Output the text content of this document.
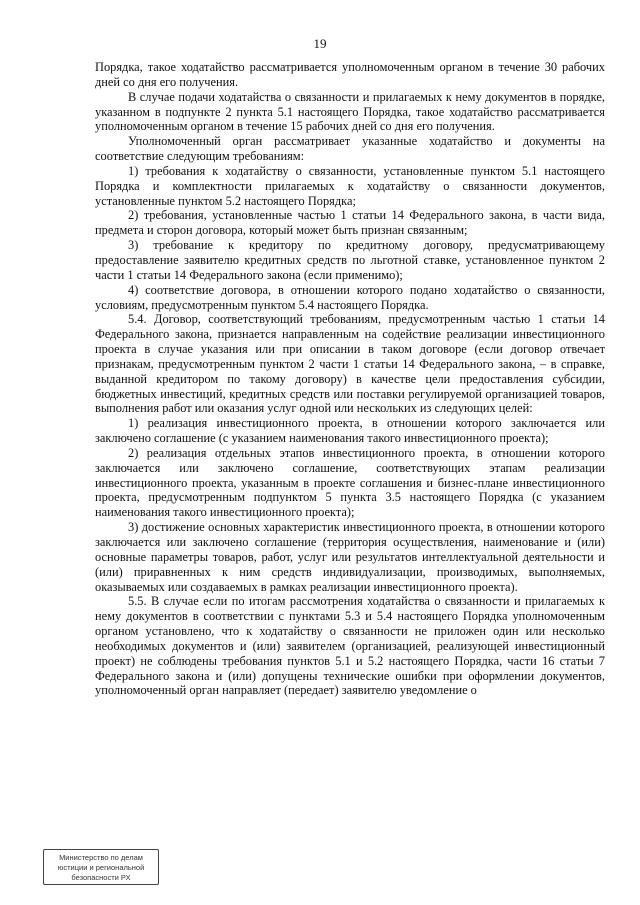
19

Порядка, такое ходатайство рассматривается уполномоченным органом в течение 30 рабочих дней со дня его получения.

В случае подачи ходатайства о связанности и прилагаемых к нему документов в порядке, указанном в подпункте 2 пункта 5.1 настоящего Порядка, такое ходатайство рассматривается уполномоченным органом в течение 15 рабочих дней со дня его получения.

Уполномоченный орган рассматривает указанные ходатайство и документы на соответствие следующим требованиям:

1) требования к ходатайству о связанности, установленные пунктом 5.1 настоящего Порядка и комплектности прилагаемых к ходатайству о связанности документов, установленные пунктом 5.2 настоящего Порядка;

2) требования, установленные частью 1 статьи 14 Федерального закона, в части вида, предмета и сторон договора, который может быть признан связанным;

3) требование к кредитору по кредитному договору, предусматривающему предоставление заявителю кредитных средств по льготной ставке, установленное пунктом 2 части 1 статьи 14 Федерального закона (если применимо);

4) соответствие договора, в отношении которого подано ходатайство о связанности, условиям, предусмотренным пунктом 5.4 настоящего Порядка.

5.4. Договор, соответствующий требованиям, предусмотренным частью 1 статьи 14 Федерального закона, признается направленным на содействие реализации инвестиционного проекта в случае указания или при описании в таком договоре (если договор отвечает признакам, предусмотренным пунктом 2 части 1 статьи 14 Федерального закона, – в справке, выданной кредитором по такому договору) в качестве цели предоставления субсидии, бюджетных инвестиций, кредитных средств или поставки регулируемой организацией товаров, выполнения работ или оказания услуг одной или нескольких из следующих целей:

1) реализация инвестиционного проекта, в отношении которого заключается или заключено соглашение (с указанием наименования такого инвестиционного проекта);

2) реализация отдельных этапов инвестиционного проекта, в отношении которого заключается или заключено соглашение, соответствующих этапам реализации инвестиционного проекта, указанным в проекте соглашения и бизнес-плане инвестиционного проекта, предусмотренным подпунктом 5 пункта 3.5 настоящего Порядка (с указанием наименования такого инвестиционного проекта);

3) достижение основных характеристик инвестиционного проекта, в отношении которого заключается или заключено соглашение (территория осуществления, наименование и (или) основные параметры товаров, работ, услуг или результатов интеллектуальной деятельности и (или) приравненных к ним средств индивидуализации, производимых, выполняемых, оказываемых или создаваемых в рамках реализации инвестиционного проекта).

5.5. В случае если по итогам рассмотрения ходатайства о связанности и прилагаемых к нему документов в соответствии с пунктами 5.3 и 5.4 настоящего Порядка уполномоченным органом установлено, что к ходатайству о связанности не приложен один или несколько необходимых документов и (или) заявителем (организацией, реализующей инвестиционный проект) не соблюдены требования пунктов 5.1 и 5.2 настоящего Порядка, части 16 статьи 7 Федерального закона и (или) допущены технические ошибки при оформлении документов, уполномоченный орган направляет (передает) заявителю уведомление о

Министерство по делам
юстиции и региональной
безопасности РХ
